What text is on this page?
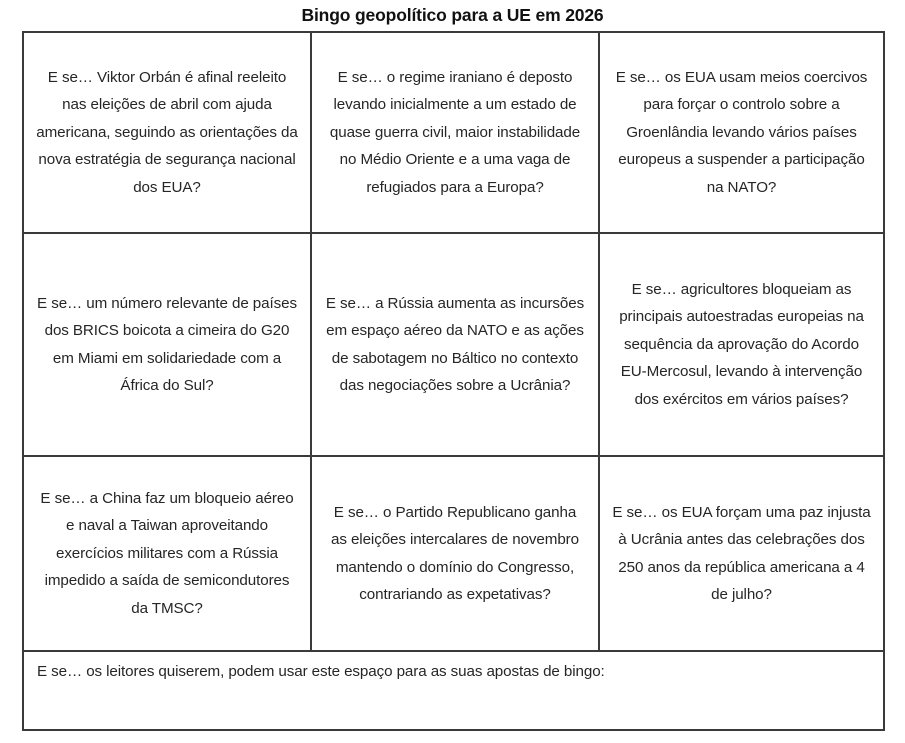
Bingo geopolítico para a UE em 2026
E se… Viktor Orbán é afinal reeleito nas eleições de abril com ajuda americana, seguindo as orientações da nova estratégia de segurança nacional dos EUA?
E se… o regime iraniano é deposto levando inicialmente a um estado de quase guerra civil, maior instabilidade no Médio Oriente e a uma vaga de refugiados para a Europa?
E se… os EUA usam meios coercivos para forçar o controlo sobre a Groenlândia levando vários países europeus a suspender a participação na NATO?
E se… um número relevante de países dos BRICS boicota a cimeira do G20 em Miami em solidariedade com a África do Sul?
E se… a Rússia aumenta as incursões em espaço aéreo da NATO e as ações de sabotagem no Báltico no contexto das negociações sobre a Ucrânia?
E se… agricultores bloqueiam as principais autoestradas europeias na sequência da aprovação do Acordo EU-Mercosul, levando à intervenção dos exércitos em vários países?
E se… a China faz um bloqueio aéreo e naval a Taiwan aproveitando exercícios militares com a Rússia impedido a saída de semicondutores da TMSC?
E se… o Partido Republicano ganha as eleições intercalares de novembro mantendo o domínio do Congresso, contrariando as expetativas?
E se… os EUA forçam uma paz injusta à Ucrânia antes das celebrações dos 250 anos da república americana a 4 de julho?
E se… os leitores quiserem, podem usar este espaço para as suas apostas de bingo:
